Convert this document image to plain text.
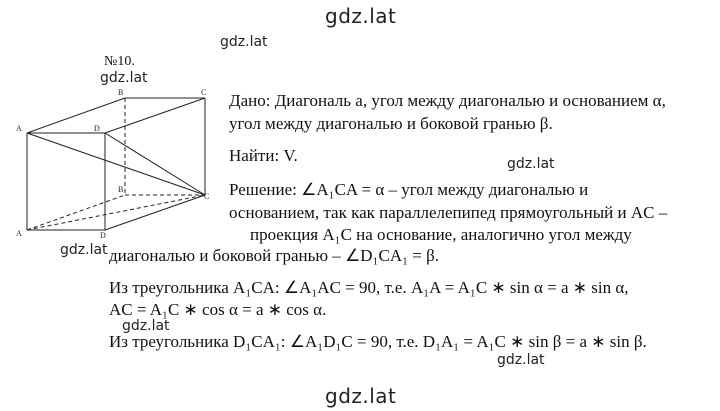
gdz.lat
gdz.lat
gdz.lat
gdz.lat
gdz.lat
gdz.lat
gdz.lat
gdz.lat
№10.
B	C
A	D
B
C
A	D
Дано: Диагональ a, угол между диагональю и основанием α,
угол между диагональю и боковой гранью β.
Найти: V.
Решение: ∠A₁CA = α – угол между диагональю и
основанием, так как параллелепипед прямоугольный и AC –
проекция A₁C на основание, аналогично угол между
диагональю и боковой гранью – ∠D₁CA₁ = β.
Из треугольника A₁CA: ∠A₁AC = 90, т.е. A₁A = A₁C ∗ sin α = a ∗ sin α,
AC = A₁C ∗ cos α = a ∗ cos α.
Из треугольника D₁CA₁: ∠A₁D₁C = 90, т.е. D₁A₁ = A₁C ∗ sin β = a ∗ sin β.
